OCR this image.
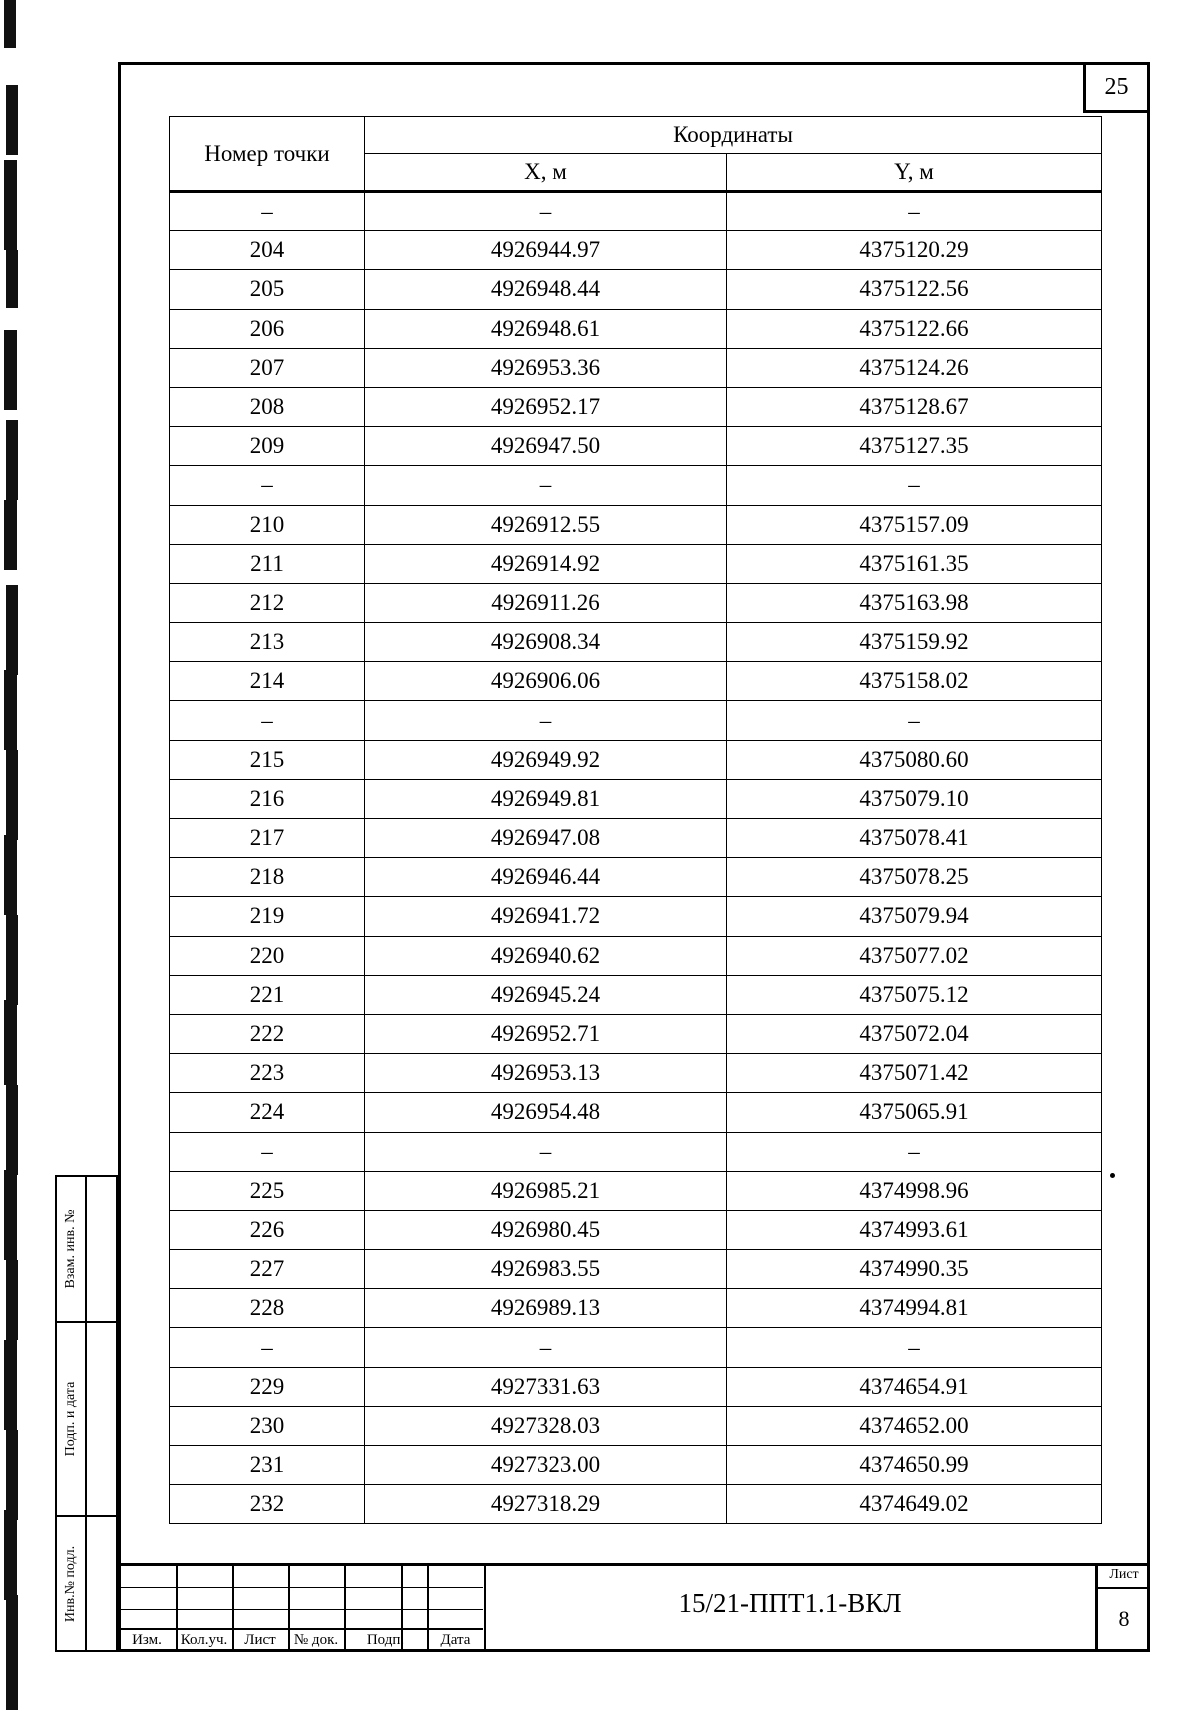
25
Номер точки	Координаты	
	X, м	Y, м
–	–	–
204	4926944.97	4375120.29
205	4926948.44	4375122.56
206	4926948.61	4375122.66
207	4926953.36	4375124.26
208	4926952.17	4375128.67
209	4926947.50	4375127.35
–	–	–
210	4926912.55	4375157.09
211	4926914.92	4375161.35
212	4926911.26	4375163.98
213	4926908.34	4375159.92
214	4926906.06	4375158.02
–	–	–
215	4926949.92	4375080.60
216	4926949.81	4375079.10
217	4926947.08	4375078.41
218	4926946.44	4375078.25
219	4926941.72	4375079.94
220	4926940.62	4375077.02
221	4926945.24	4375075.12
222	4926952.71	4375072.04
223	4926953.13	4375071.42
224	4926954.48	4375065.91
–	–	–
225	4926985.21	4374998.96
226	4926980.45	4374993.61
227	4926983.55	4374990.35
228	4926989.13	4374994.81
–	–	–
229	4927331.63	4374654.91
230	4927328.03	4374652.00
231	4927323.00	4374650.99
232	4927318.29	4374649.02
Взам. инв. №
Подп. и дата
Инв.№ подл.
Изм.	Кол.уч.	Лист	№ док.	Подп.	Дата
15/21-ППТ1.1-ВКЛ
Лист
8
